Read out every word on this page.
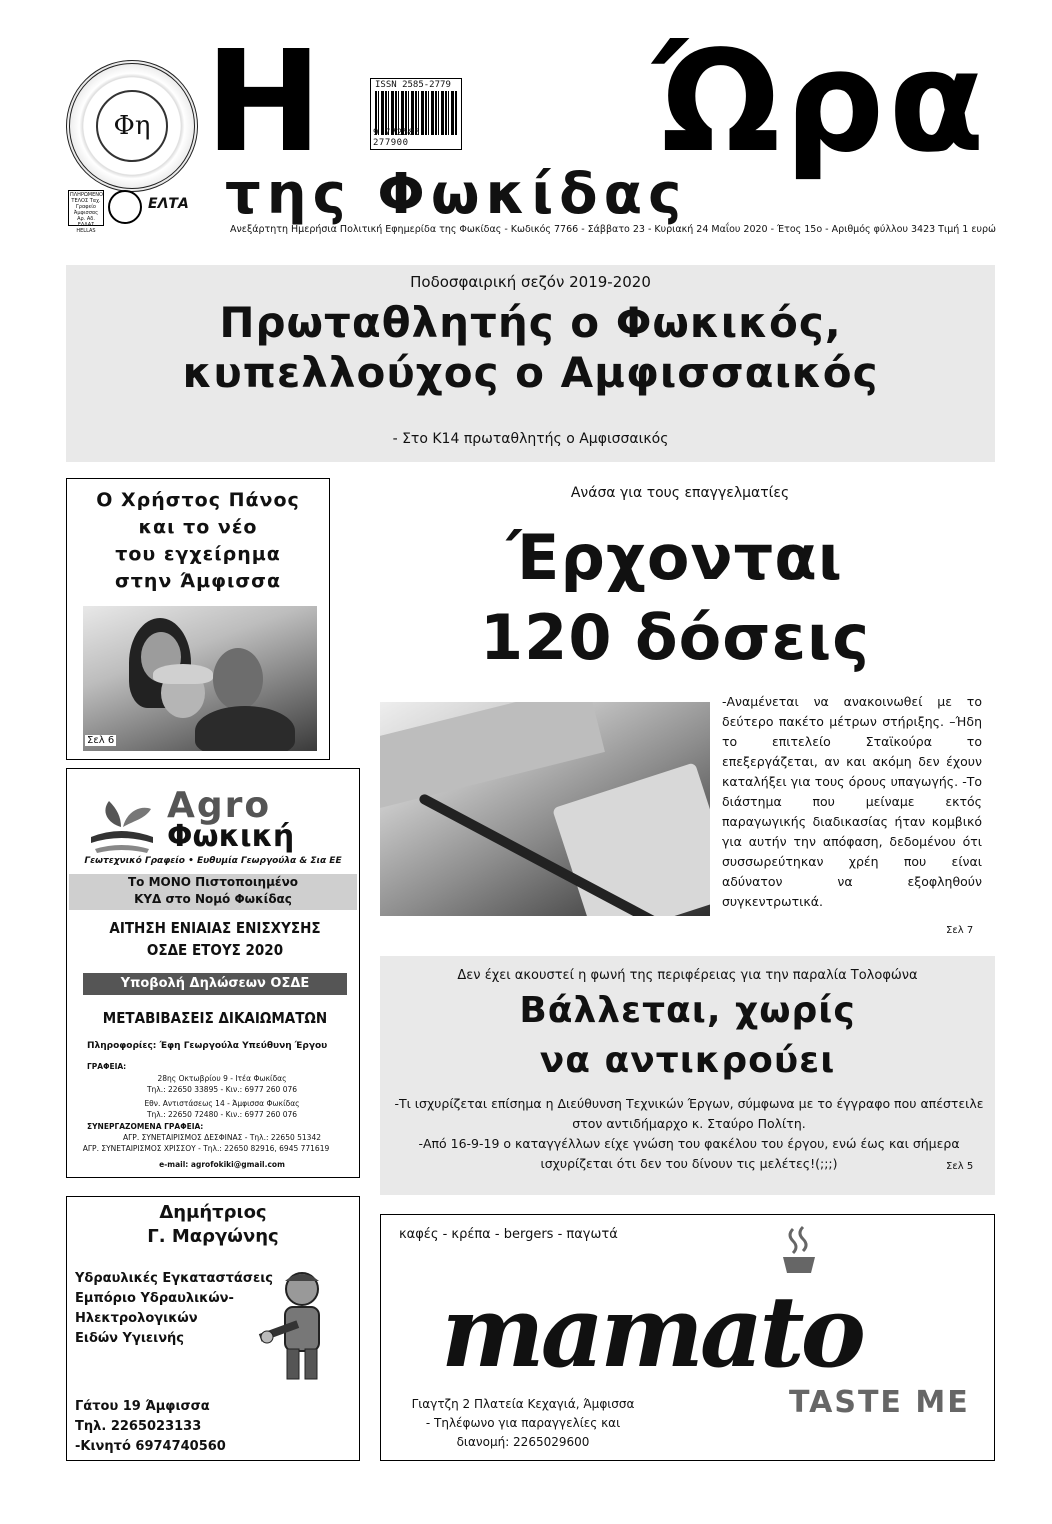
Φη Η Ώρα
ISSN 2585-2779
9 772585 277900
της Φωκίδας
ΠΛΗΡΩΜΕΝΟ ΤΕΛΟΣ Ταχ. Γραφείο Άμφισσας Αρ. Αδ. ΕΛΛΑΣ HELLAS
ΕΛΤΑ
Ανεξάρτητη Ημερήσια Πολιτική Εφημερίδα της Φωκίδας - Κωδικός 7766 - Σάββατο 23 - Κυριακή 24 Μαΐου 2020 - Έτος 15ο - Αριθμός φύλλου 3423 Τιμή 1 ευρώ
Ποδοσφαιρική σεζόν 2019-2020
Πρωταθλητής ο Φωκικός,
κυπελλούχος ο Αμφισσαικός
- Στο Κ14 πρωταθλητής ο Αμφισσαικός
Ο Χρήστος Πάνος
και το νέο
του εγχείρημα
στην Άμφισσα
Σελ 6
Ανάσα για τους επαγγελματίες
Έρχονται
120 δόσεις
-Αναμένεται να ανακοινωθεί με το δεύτερο πακέτο μέτρων στήριξης. –Ήδη το επιτελείο Σταϊκούρα το επεξεργάζεται, αν και ακόμη δεν έχουν καταλήξει για τους όρους υπαγωγής. -Το διάστημα που μείναμε εκτός παραγωγικής διαδικασίας ήταν κομβικό για αυτήν την απόφαση, δεδομένου ότι συσσωρεύτηκαν χρέη που είναι αδύνατον να εξοφληθούν συγκεντρωτικά.
Σελ 7
Agro
Φωκική
Γεωτεχνικό Γραφείο • Ευθυμία Γεωργούλα & Σια ΕΕ
Το ΜΟΝΟ Πιστοποιημένο
ΚΥΔ στο Νομό Φωκίδας
ΑΙΤΗΣΗ ΕΝΙΑΙΑΣ ΕΝΙΣΧΥΣΗΣ
ΟΣΔΕ ΕΤΟΥΣ 2020
Υποβολή Δηλώσεων ΟΣΔΕ
ΜΕΤΑΒΙΒΑΣΕΙΣ ΔΙΚΑΙΩΜΑΤΩΝ
Πληροφορίες: Έφη Γεωργούλα Υπεύθυνη Έργου
ΓΡΑΦΕΙΑ:
28ης Οκτωβρίου 9 - Ιτέα Φωκίδας
Τηλ.: 22650 33895 - Κιν.: 6977 260 076
Εθν. Αντιστάσεως 14 - Άμφισσα Φωκίδας
Τηλ.: 22650 72480 - Κιν.: 6977 260 076
ΣΥΝΕΡΓΑΖΟΜΕΝΑ ΓΡΑΦΕΙΑ:
ΑΓΡ. ΣΥΝΕΤΑΙΡΙΣΜΟΣ ΔΕΣΦΙΝΑΣ - Τηλ.: 22650 51342
ΑΓΡ. ΣΥΝΕΤΑΙΡΙΣΜΟΣ ΧΡΙΣΣΟΥ - Τηλ.: 22650 82916, 6945 771619
e-mail: agrofokiki@gmail.com
Δημήτριος
Γ. Μαργώνης
Υδραυλικές Εγκαταστάσεις
Εμπόριο Υδραυλικών-
Ηλεκτρολογικών
Ειδών Υγιεινής
Γάτου 19 Άμφισσα
Τηλ. 2265023133
-Κινητό 6974740560
Δεν έχει ακουστεί η φωνή της περιφέρειας για την παραλία Τολοφώνα
Βάλλεται, χωρίς
να αντικρούει
-Τι ισχυρίζεται επίσημα η Διεύθυνση Τεχνικών Έργων, σύμφωνα με το έγγραφο που απέστειλε στον αντιδήμαρχο κ. Σταύρο Πολίτη.
-Από 16-9-19 ο καταγγέλλων είχε γνώση του φακέλου του έργου, ενώ έως και σήμερα ισχυρίζεται ότι δεν του δίνουν τις μελέτες!(;;;)	Σελ 5
καφές - κρέπα - bergers - παγωτά
mamato
TASTE ME
Γιαγτζη 2 Πλατεία Κεχαγιά, Άμφισσα
- Τηλέφωνο για παραγγελίες και
διανομή: 2265029600
